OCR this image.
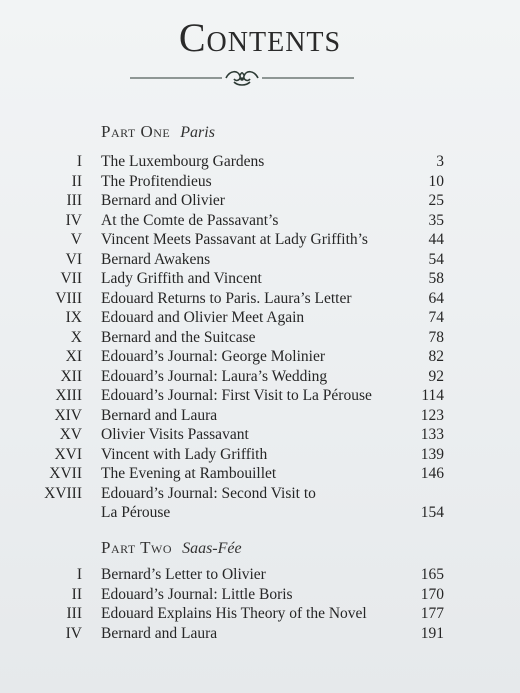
Contents
Part One Paris
I The Luxembourg Gardens	3
II The Profitendieus	10
III Bernard and Olivier	25
IV At the Comte de Passavant’s	35
V Vincent Meets Passavant at Lady Griffith’s	44
VI Bernard Awakens	54
VII Lady Griffith and Vincent	58
VIII Edouard Returns to Paris. Laura’s Letter	64
IX Edouard and Olivier Meet Again	74
X Bernard and the Suitcase	78
XI Edouard’s Journal: George Molinier	82
XII Edouard’s Journal: Laura’s Wedding	92
XIII Edouard’s Journal: First Visit to La Pérouse	114
XIV Bernard and Laura	123
XV Olivier Visits Passavant	133
XVI Vincent with Lady Griffith	139
XVII The Evening at Rambouillet	146
XVIII Edouard’s Journal: Second Visit to
La Pérouse	154
Part Two Saas-Fée
I Bernard’s Letter to Olivier	165
II Edouard’s Journal: Little Boris	170
III Edouard Explains His Theory of the Novel	177
IV Bernard and Laura	191
